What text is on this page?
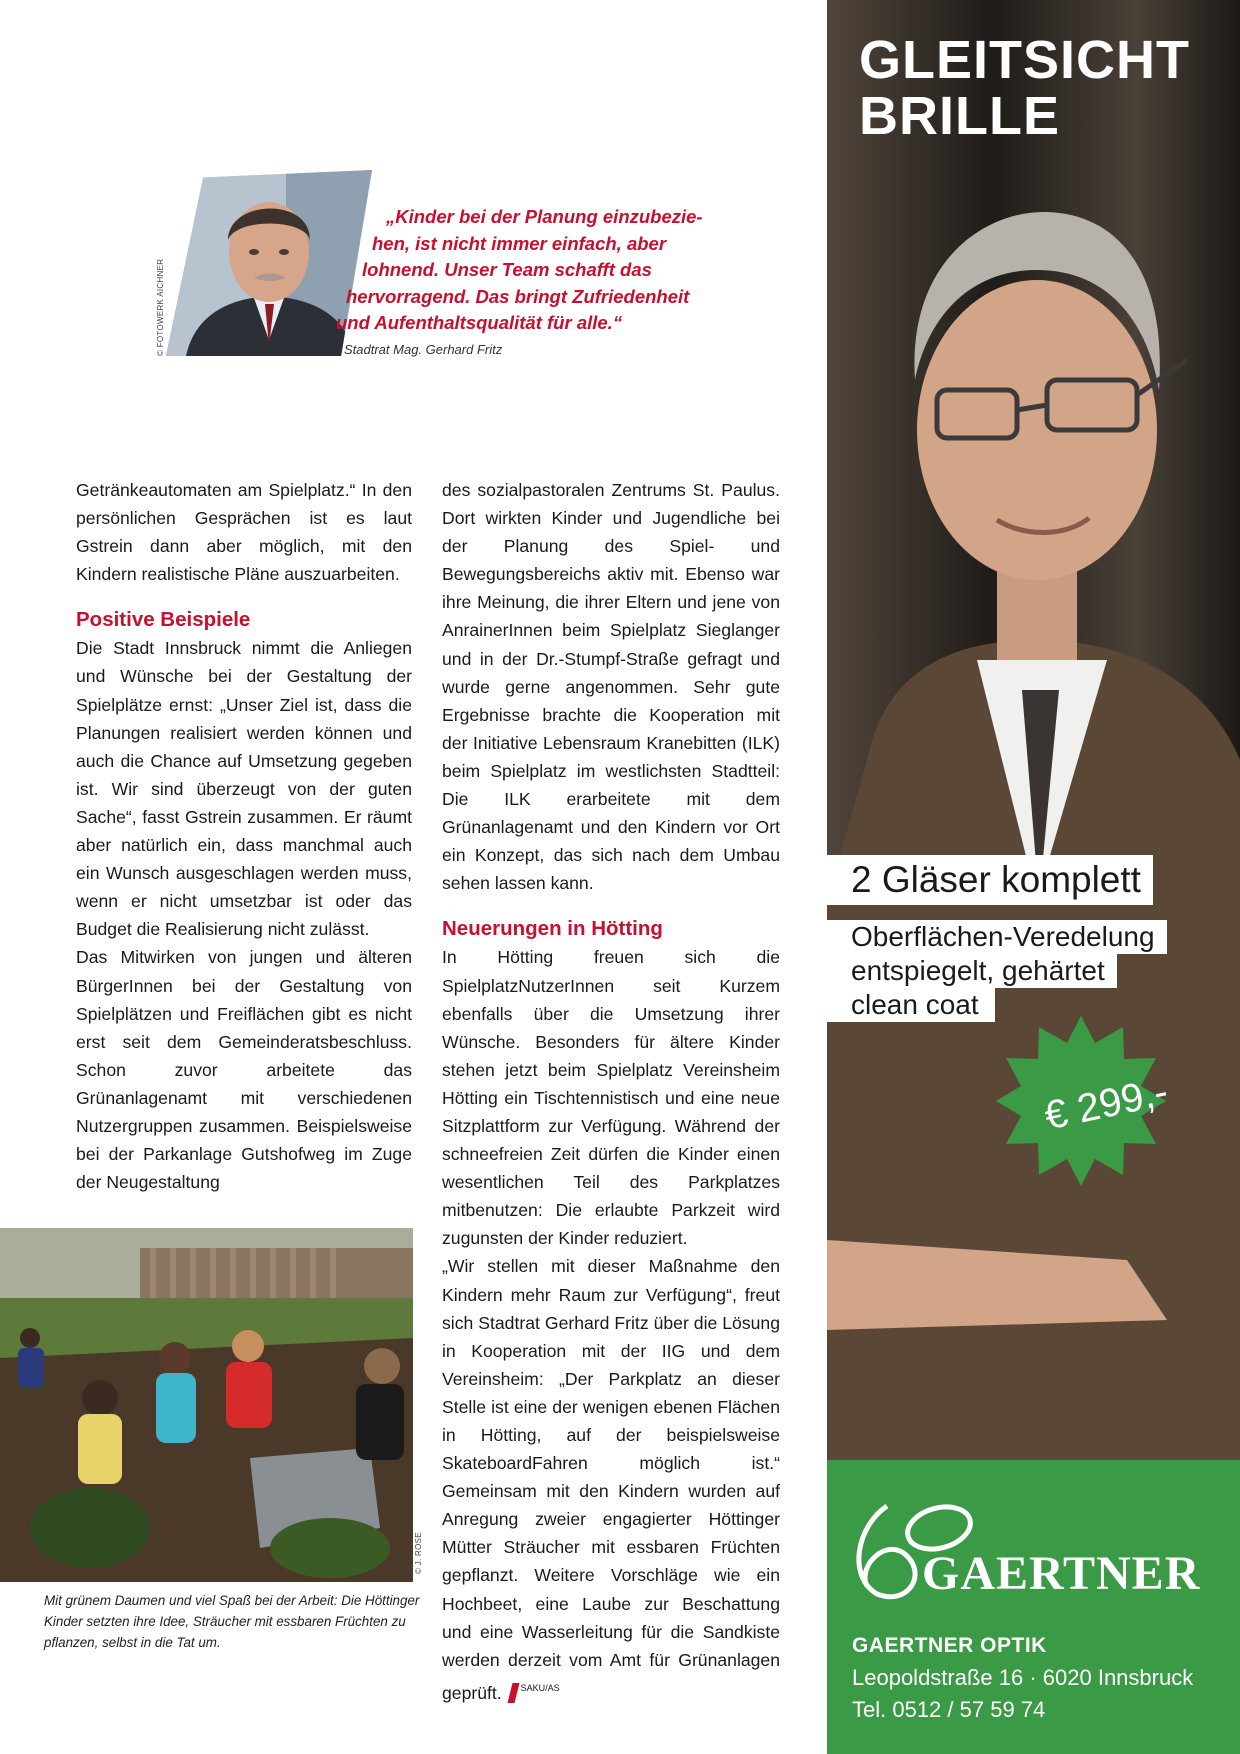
© FOTOWERK AICHNER
„Kinder bei der Planung einzubezie-
hen, ist nicht immer einfach, aber
lohnend. Unser Team schafft das
hervorragend. Das bringt Zufriedenheit
und Aufenthaltsqualität für alle.“
Stadtrat Mag. Gerhard Fritz

Getränkeautomaten am Spielplatz.“ In den persönlichen Gesprächen ist es laut Gstrein dann aber möglich, mit den Kindern realistische Pläne auszuarbeiten.

Positive Beispiele

Die Stadt Innsbruck nimmt die Anliegen und Wünsche bei der Gestaltung der Spielplätze ernst: „Unser Ziel ist, dass die Planungen realisiert werden können und auch die Chance auf Umsetzung gegeben ist. Wir sind überzeugt von der guten Sache“, fasst Gstrein zusammen. Er räumt aber natürlich ein, dass manchmal auch ein Wunsch ausgeschlagen werden muss, wenn er nicht umsetzbar ist oder das Budget die Realisierung nicht zulässt.

Das Mitwirken von jungen und älteren BürgerInnen bei der Gestaltung von Spielplätzen und Freiflächen gibt es nicht erst seit dem Gemeinderatsbeschluss. Schon zuvor arbeitete das Grünanlagenamt mit verschiedenen Nutzergruppen zusammen. Beispielsweise bei der Parkanlage Gutshofweg im Zuge der Neugestaltung

des sozialpastoralen Zentrums St. Paulus. Dort wirkten Kinder und Jugendliche bei der Planung des Spiel- und Bewegungsbereichs aktiv mit. Ebenso war ihre Meinung, die ihrer Eltern und jene von AnrainerInnen beim Spielplatz Sieglanger und in der Dr.-Stumpf-Straße gefragt und wurde gerne angenommen. Sehr gute Ergebnisse brachte die Kooperation mit der Initiative Lebensraum Kranebitten (ILK) beim Spielplatz im westlichsten Stadtteil: Die ILK erarbeitete mit dem Grünanlagenamt und den Kindern vor Ort ein Konzept, das sich nach dem Umbau sehen lassen kann.

Neuerungen in Hötting

In Hötting freuen sich die SpielplatzNutzerInnen seit Kurzem ebenfalls über die Umsetzung ihrer Wünsche. Besonders für ältere Kinder stehen jetzt beim Spielplatz Vereinsheim Hötting ein Tischtennistisch und eine neue Sitzplattform zur Verfügung. Während der schneefreien Zeit dürfen die Kinder einen wesentlichen Teil des Parkplatzes mitbenutzen: Die erlaubte Parkzeit wird zugunsten der Kinder reduziert.

„Wir stellen mit dieser Maßnahme den Kindern mehr Raum zur Verfügung“, freut sich Stadtrat Gerhard Fritz über die Lösung in Kooperation mit der IIG und dem Vereinsheim: „Der Parkplatz an dieser Stelle ist eine der wenigen ebenen Flächen in Hötting, auf der beispielsweise SkateboardFahren möglich ist.“ Gemeinsam mit den Kindern wurden auf Anregung zweier engagierter Höttinger Mütter Sträucher mit essbaren Früchten gepflanzt. Weitere Vorschläge wie ein Hochbeet, eine Laube zur Beschattung und eine Wasserleitung für die Sandkiste werden derzeit vom Amt für Grünanlagen geprüft. $^{SAKU/AS}$

© J. ROSE
Mit grünem Daumen und viel Spaß bei der Arbeit: Die Höttinger Kinder setzten ihre Idee, Sträucher mit essbaren Früchten zu pflanzen, selbst in die Tat um.
GLEITSICHT
BRILLE
2 Gläser komplett
Oberflächen-Veredelung
entspiegelt, gehärtet
clean coat
GAERTNER
GAERTNER OPTIK
Leopoldstraße 16 · 6020 Innsbruck
Tel. 0512 / 57 59 74
€ 299,-
